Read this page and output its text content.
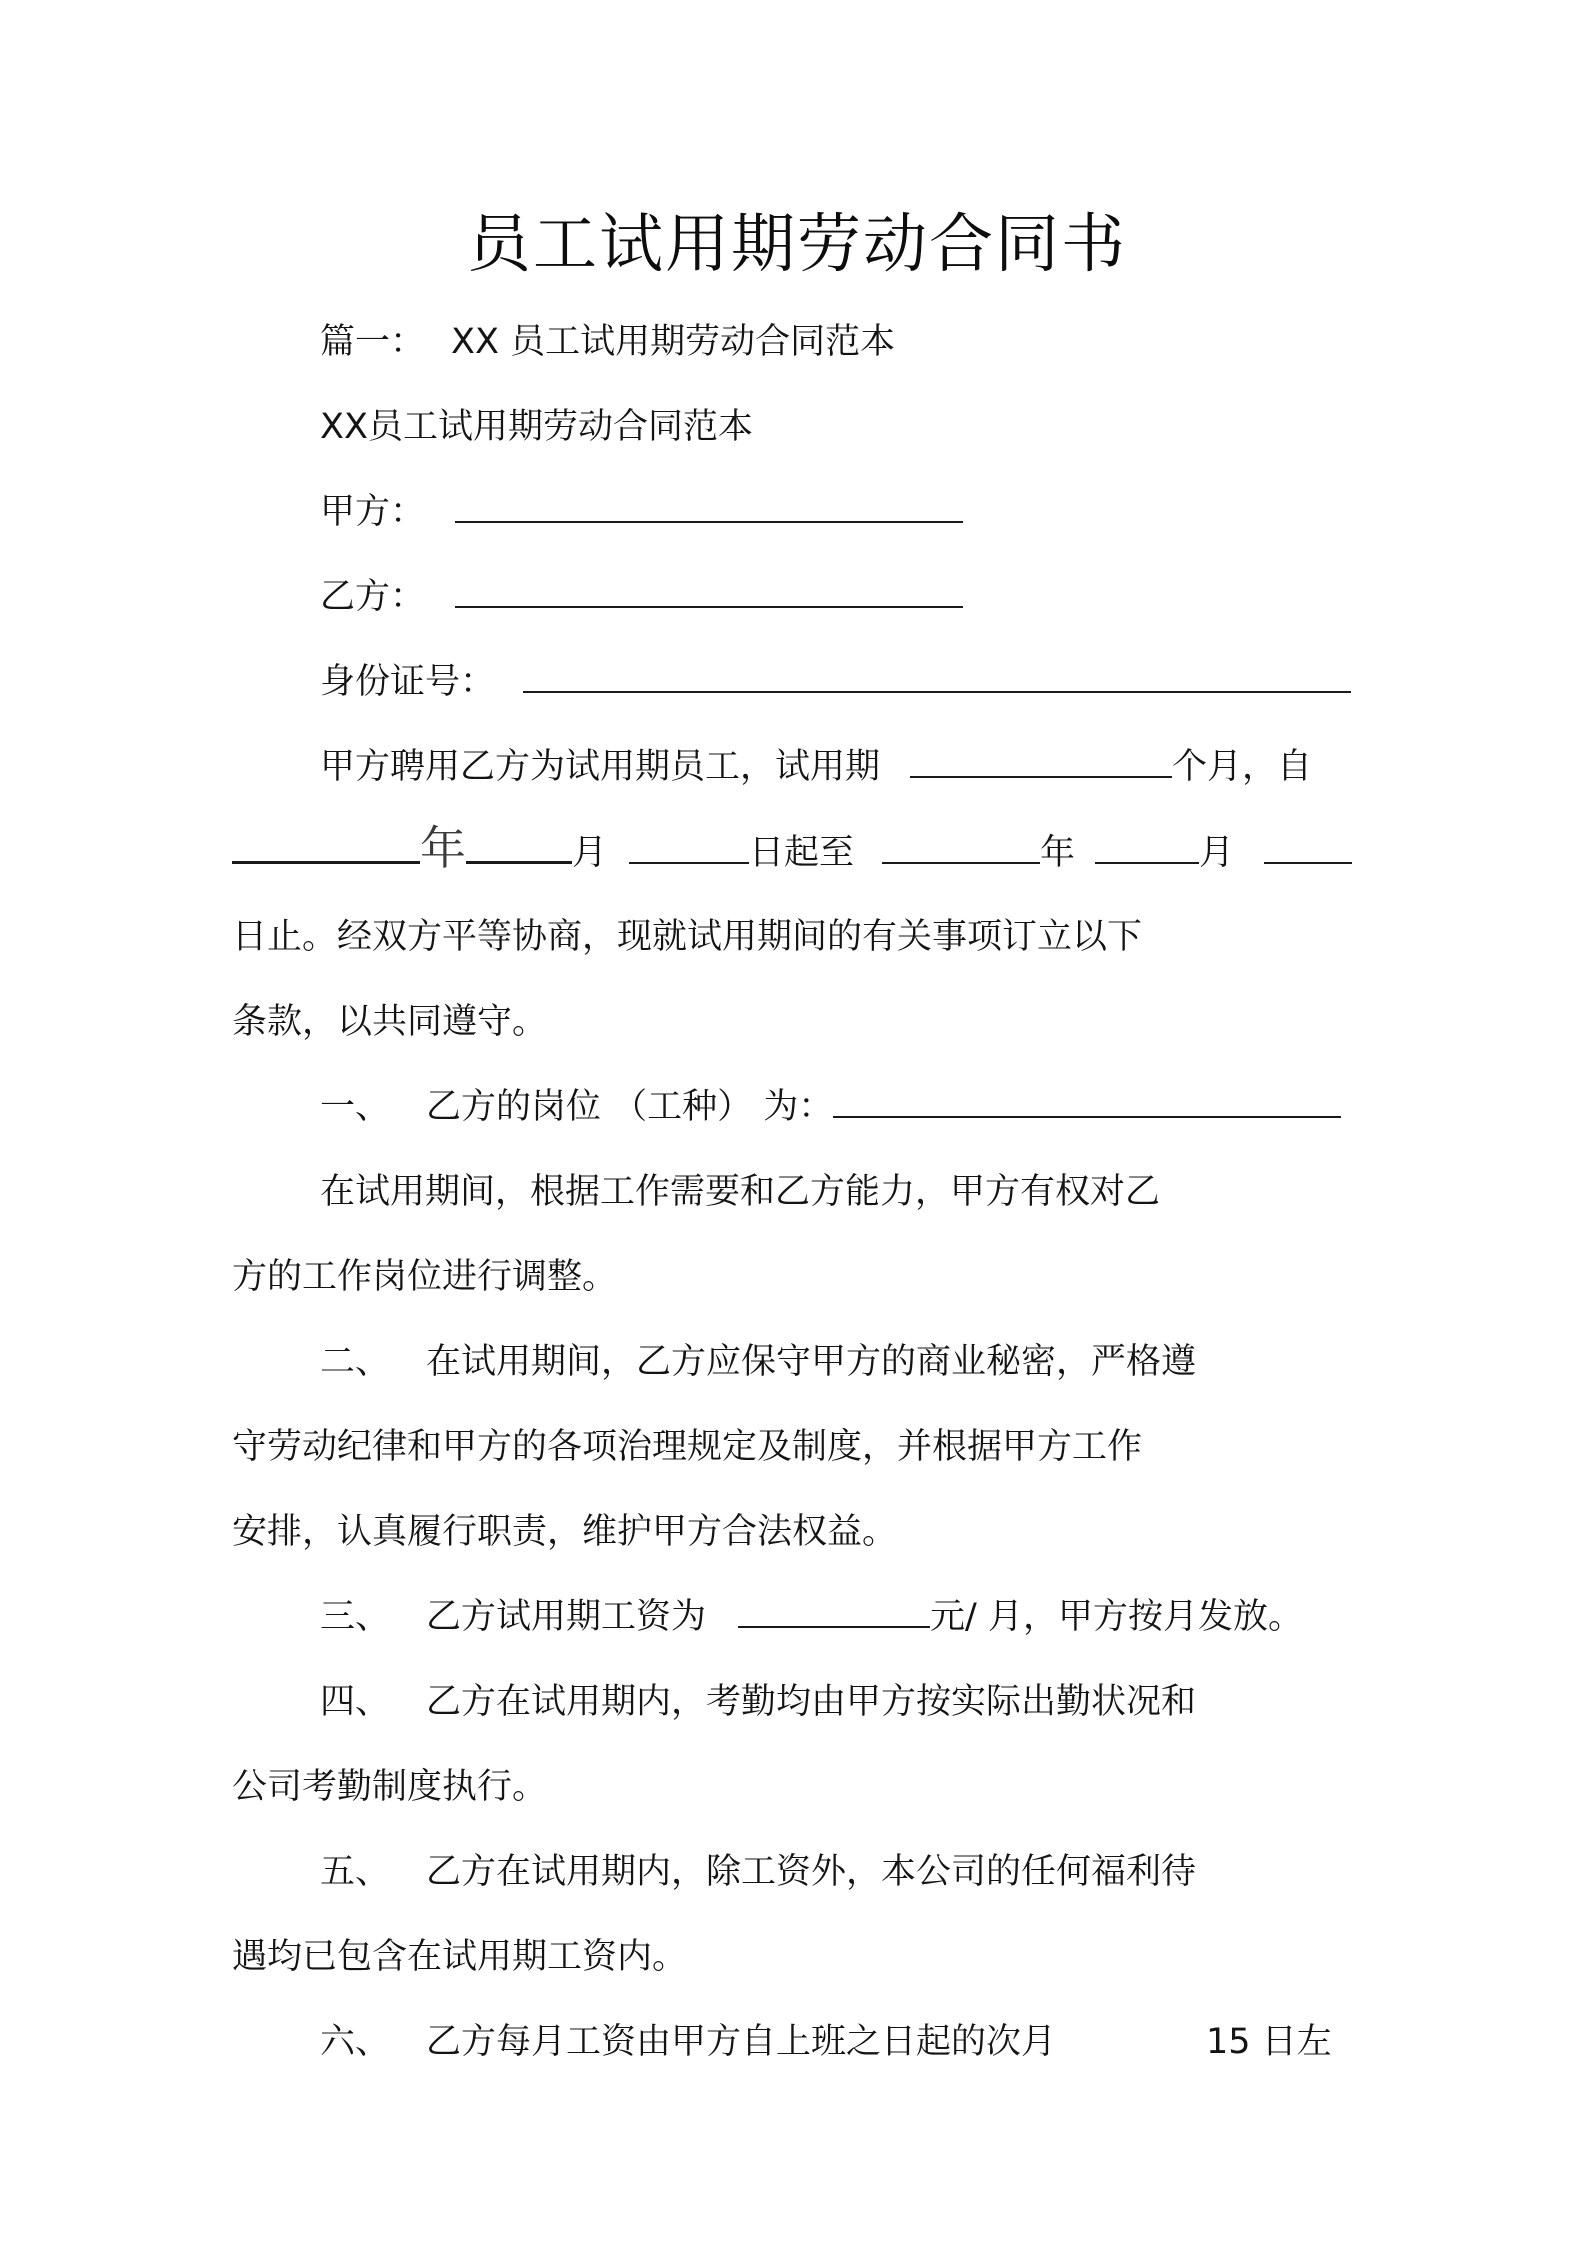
员工试用期劳动合同书
篇一： XX 员工试用期劳动合同范本
XX员工试用期劳动合同范本
甲方：
乙方：
身份证号：
甲方聘用乙方为试用期员工，试用期	个月，自
年	月	日起至	年	月
日止。经双方平等协商，现就试用期间的有关事项订立以下
条款，以共同遵守。
一、 乙方的岗位 （工种） 为：
在试用期间，根据工作需要和乙方能力，甲方有权对乙
方的工作岗位进行调整。
二、 在试用期间，乙方应保守甲方的商业秘密，严格遵
守劳动纪律和甲方的各项治理规定及制度，并根据甲方工作
安排，认真履行职责，维护甲方合法权益。
三、 乙方试用期工资为	元/ 月，甲方按月发放。
四、 乙方在试用期内，考勤均由甲方按实际出勤状况和
公司考勤制度执行。
五、 乙方在试用期内，除工资外，本公司的任何福利待
遇均已包含在试用期工资内。
六、 乙方每月工资由甲方自上班之日起的次月	15 日左
